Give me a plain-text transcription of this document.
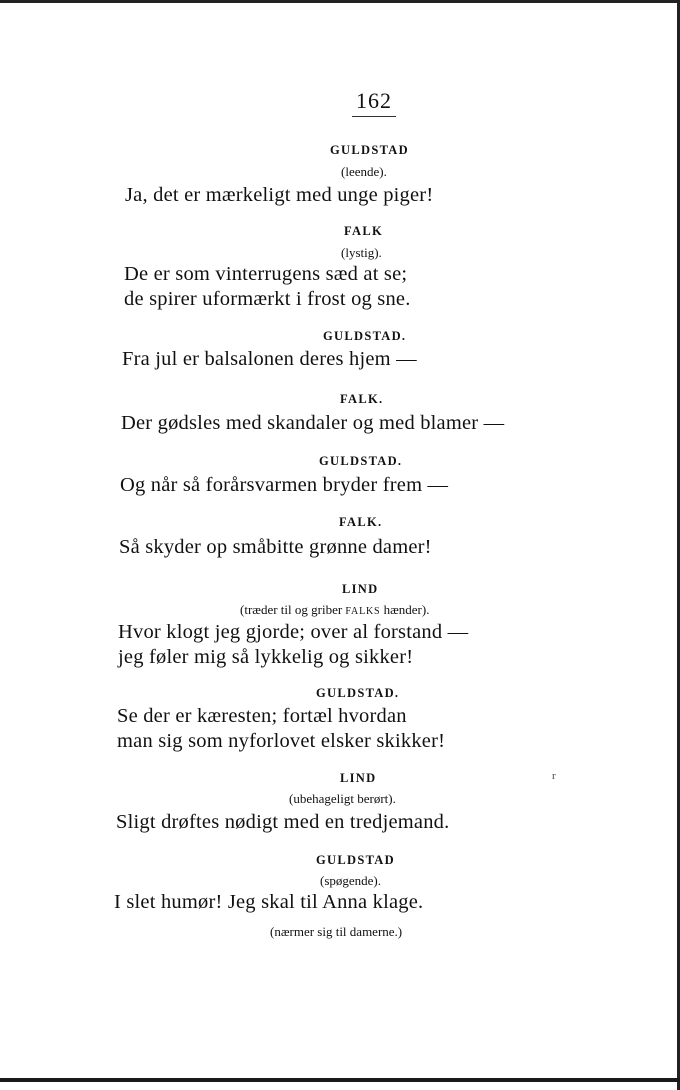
162
GULDSTAD
(leende).
Ja, det er mærkeligt med unge piger!
FALK
(lystig).
De er som vinterrugens sæd at se;
de spirer uformærkt i frost og sne.
GULDSTAD.
Fra jul er balsalonen deres hjem —
FALK.
Der gødsles med skandaler og med blamer —
GULDSTAD.
Og når så forårsvarmen bryder frem —
FALK.
Så skyder op småbitte grønne damer!
LIND
(træder til og griber FALKS hænder).
Hvor klogt jeg gjorde; over al forstand —
jeg føler mig så lykkelig og sikker!
GULDSTAD.
Se der er kæresten; fortæl hvordan
man sig som nyforlovet elsker skikker!
LIND
(ubehageligt berørt).
Sligt drøftes nødigt med en tredjemand.
GULDSTAD
(spøgende).
I slet humør! Jeg skal til Anna klage.
(nærmer sig til damerne.)
r
